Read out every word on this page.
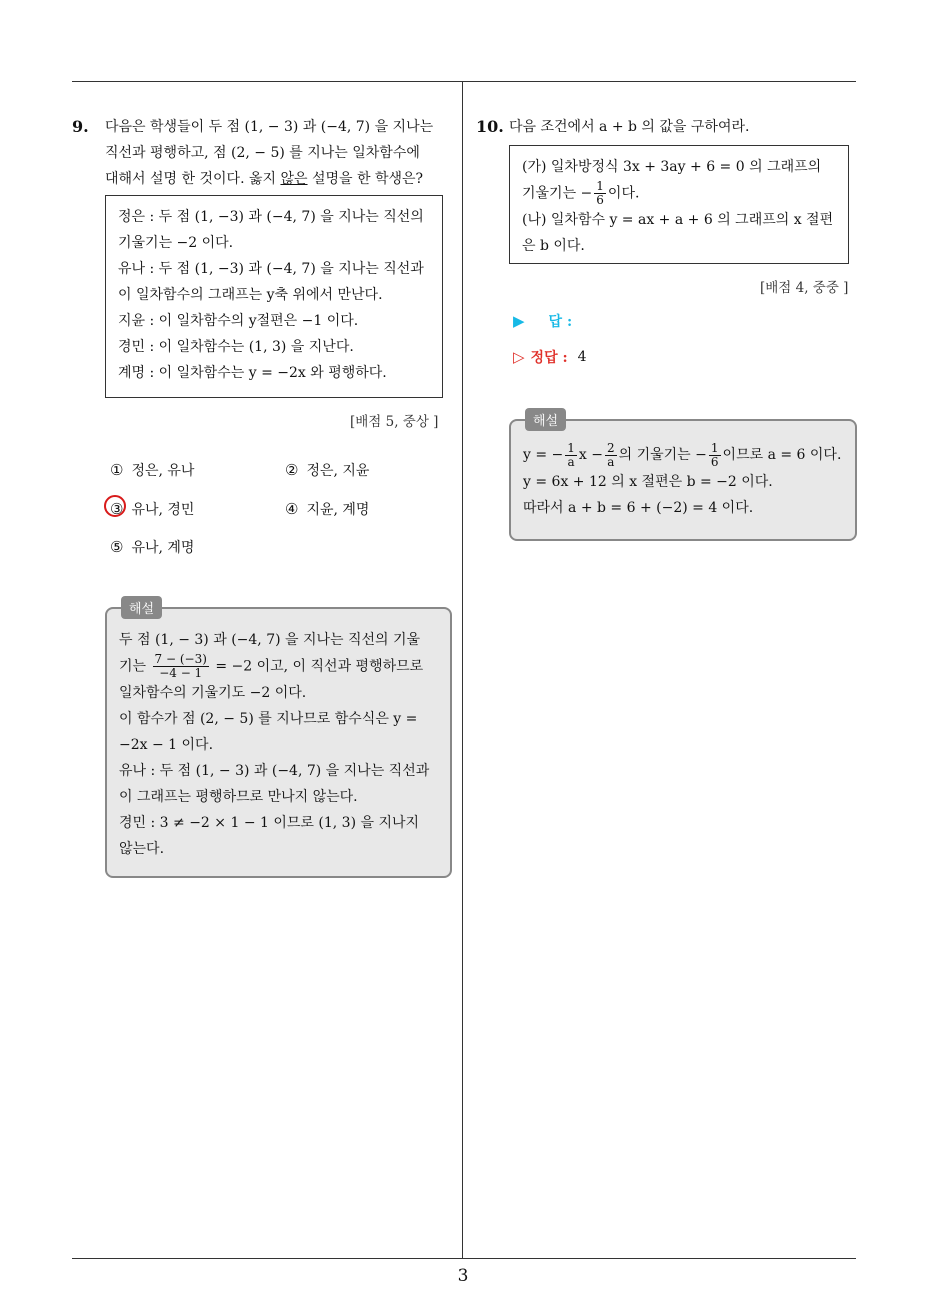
9. 다음은 학생들이 두 점 (1, − 3) 과 (−4, 7) 을 지나는
직선과 평행하고, 점 (2, − 5) 를 지나는 일차함수에
대해서 설명 한 것이다. 옳지 않은 설명을 한 학생은?
정은 : 두 점 (1, −3) 과 (−4, 7) 을 지나는 직선의
기울기는 −2 이다.
유나 : 두 점 (1, −3) 과 (−4, 7) 을 지나는 직선과
이 일차함수의 그래프는 y축 위에서 만난다.
지윤 : 이 일차함수의 y절편은 −1 이다.
경민 : 이 일차함수는 (1, 3) 을 지난다.
계명 : 이 일차함수는 y = −2x 와 평행하다.
[배점 5, 중상 ]
① 정은, 유나	② 정은, 지윤
③ 유나, 경민	④ 지윤, 계명
⑤ 유나, 계명
해설
두 점 (1, − 3) 과 (−4, 7) 을 지나는 직선의 기울
기는 $\frac{7 - (-3)}{-4 - 1} = -2$ 이고, 이 직선과 평행하므로
일차함수의 기울기도 −2 이다.
이 함수가 점 (2, − 5) 를 지나므로 함수식은 y =
−2x − 1 이다.
유나 : 두 점 (1, − 3) 과 (−4, 7) 을 지나는 직선과
이 그래프는 평행하므로 만나지 않는다.
경민 : 3 ≠ −2 × 1 − 1 이므로 (1, 3) 을 지나지
않는다.
10. 다음 조건에서 a + b 의 값을 구하여라.
(가) 일차방정식 3x + 3ay + 6 = 0 의 그래프의
기울기는 − $\frac{1}{6}$ 이다.
(나) 일차함수 y = ax + a + 6 의 그래프의 x 절편
은 b 이다.
[배점 4, 중중 ]
▶ 답 :
▷ 정답 : 4
해설
y = − $\frac{1}{a}$ $x - \frac{2}{a}$ 의 기울기는 − $\frac{1}{6}$ 이므로 a = 6 이다.
y = 6x + 12 의 x 절편은 b = −2 이다.
따라서 a + b = 6 + (−2) = 4 이다.
3
